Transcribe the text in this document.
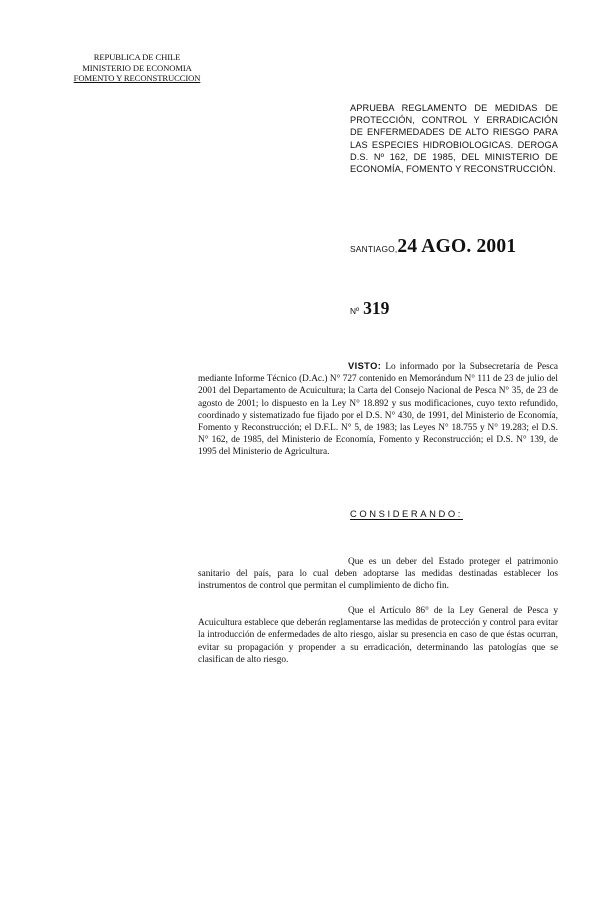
REPUBLICA DE CHILE
MINISTERIO DE ECONOMIA
FOMENTO Y RECONSTRUCCION
APRUEBA REGLAMENTO DE MEDIDAS DE PROTECCIÓN, CONTROL Y ERRADICACIÓN DE ENFERMEDADES DE ALTO RIESGO PARA LAS ESPECIES HIDROBIOLOGICAS. DEROGA D.S. Nº 162, DE 1985, DEL MINISTERIO DE ECONOMÍA, FOMENTO Y RECONSTRUCCIÓN.
SANTIAGO,24 AGO. 2001
Nº 319
VISTO: Lo informado por la Subsecretaría de Pesca mediante Informe Técnico (D.Ac.) N° 727 contenido en Memorándum N° 111 de 23 de julio del 2001 del Departamento de Acuicultura; la Carta del Consejo Nacional de Pesca N° 35, de 23 de agosto de 2001; lo dispuesto en la Ley N° 18.892 y sus modificaciones, cuyo texto refundido, coordinado y sistematizado fue fijado por el D.S. N° 430, de 1991, del Ministerio de Economía, Fomento y Reconstrucción; el D.F.L. N° 5, de 1983; las Leyes N° 18.755 y N° 19.283; el D.S. N° 162, de 1985, del Ministerio de Economía, Fomento y Reconstrucción; el D.S. N° 139, de 1995 del Ministerio de Agricultura.
CONSIDERANDO:
Que es un deber del Estado proteger el patrimonio sanitario del país, para lo cual deben adoptarse las medidas destinadas establecer los instrumentos de control que permitan el cumplimiento de dicho fin.
Que el Artículo 86° de la Ley General de Pesca y Acuicultura establece que deberán reglamentarse las medidas de protección y control para evitar la introducción de enfermedades de alto riesgo, aislar su presencia en caso de que éstas ocurran, evitar su propagación y propender a su erradicación, determinando las patologías que se clasifican de alto riesgo.
